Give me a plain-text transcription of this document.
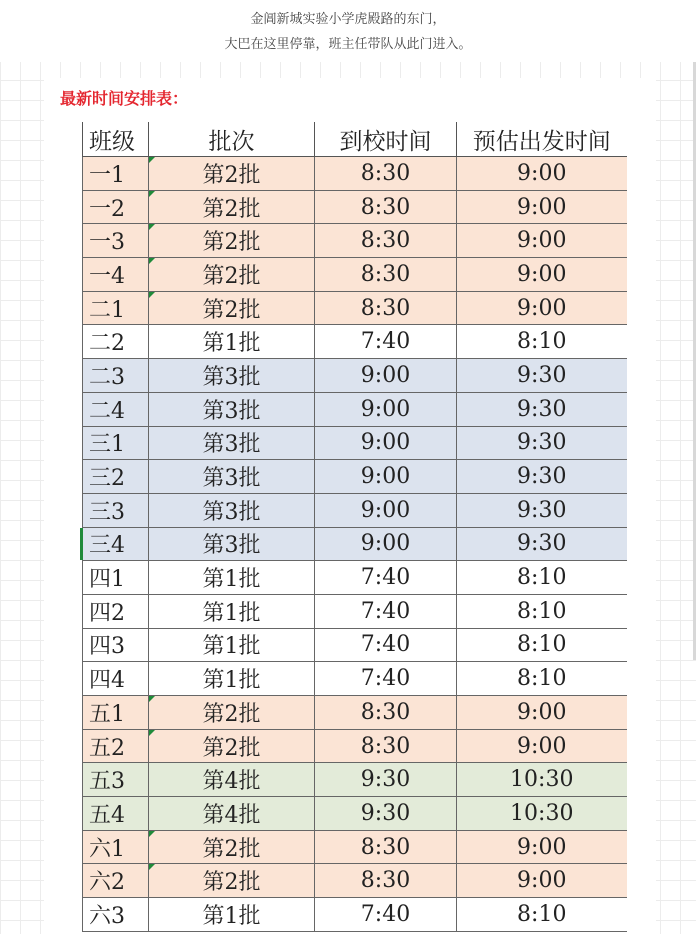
金阊新城实验小学虎殿路的东门，
大巴在这里停靠，班主任带队从此门进入。
最新时间安排表：
班级	批次	到校时间	预估出发时间
一1	第2批	8:30	9:00
一2	第2批	8:30	9:00
一3	第2批	8:30	9:00
一4	第2批	8:30	9:00
二1	第2批	8:30	9:00
二2	第1批	7:40	8:10
二3	第3批	9:00	9:30
二4	第3批	9:00	9:30
三1	第3批	9:00	9:30
三2	第3批	9:00	9:30
三3	第3批	9:00	9:30
三4	第3批	9:00	9:30
四1	第1批	7:40	8:10
四2	第1批	7:40	8:10
四3	第1批	7:40	8:10
四4	第1批	7:40	8:10
五1	第2批	8:30	9:00
五2	第2批	8:30	9:00
五3	第4批	9:30	10:30
五4	第4批	9:30	10:30
六1	第2批	8:30	9:00
六2	第2批	8:30	9:00
六3	第1批	7:40	8:10
